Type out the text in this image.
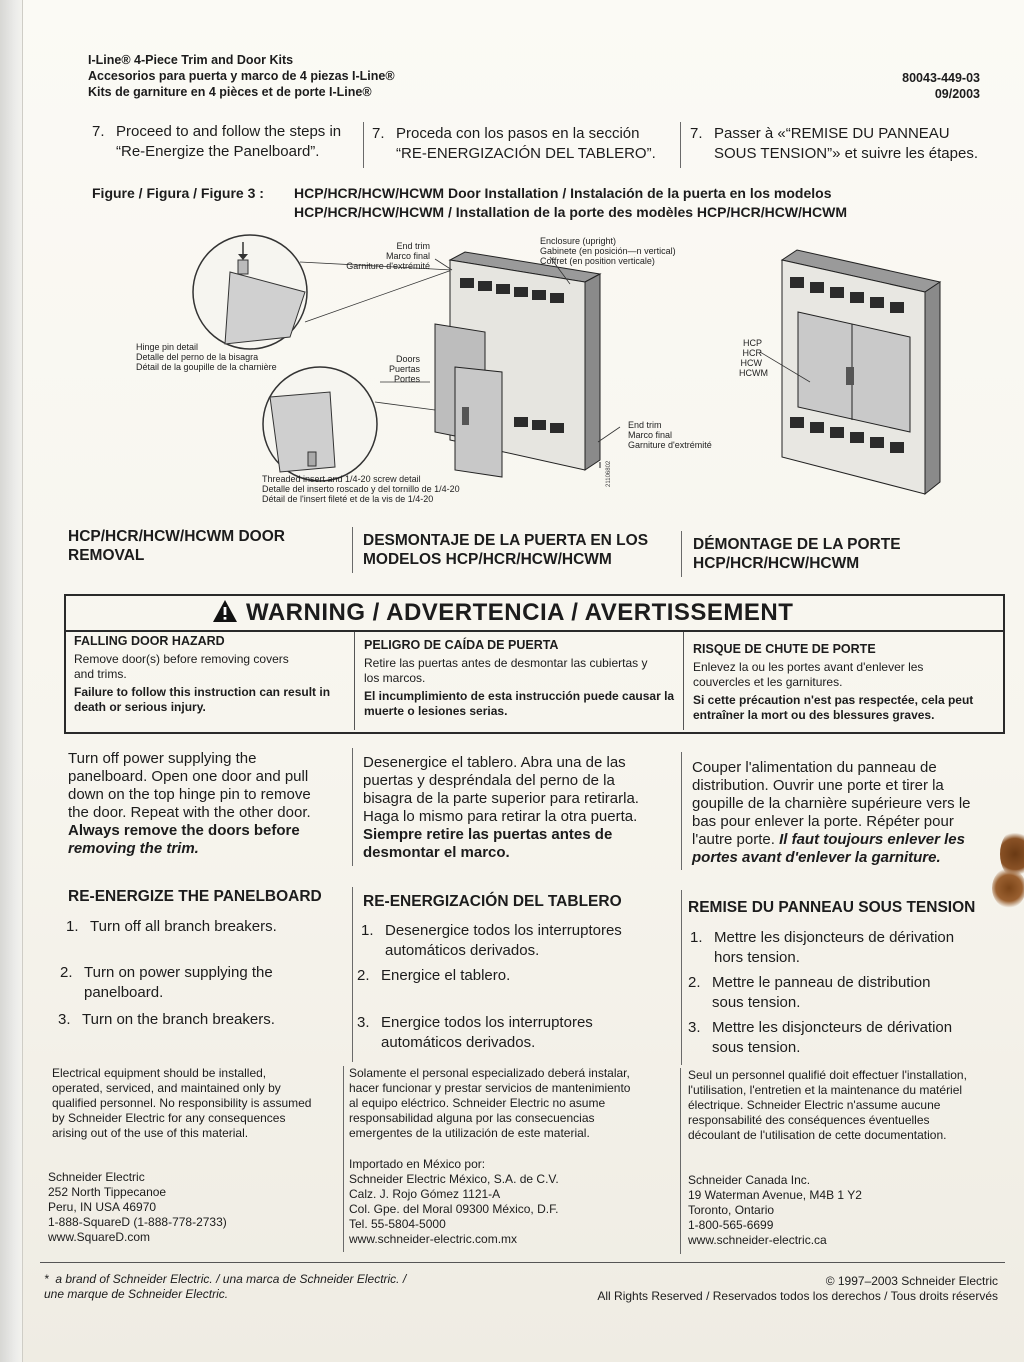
I-Line® 4-Piece Trim and Door Kits
Accesorios para puerta y marco de 4 piezas I-Line®
Kits de garniture en 4 pièces et de porte I-Line®
80043-449-03
09/2003
7. Proceed to and follow the steps in
“Re-Energize the Panelboard”.
7. Proceda con los pasos en la sección
“RE-ENERGIZACIÓN DEL TABLERO”.
7. Passer à «“REMISE DU PANNEAU
SOUS TENSION”» et suivre les étapes.
Figure / Figura / Figure 3 : HCP/HCR/HCW/HCWM Door Installation / Instalación de la puerta en los modelos
HCP/HCR/HCW/HCWM / Installation de la porte des modèles HCP/HCR/HCW/HCWM
End trim
Marco final
Garniture d'extrémité
Enclosure (upright)
Gabinete (en posición—n vertical)
Coffret (en position verticale)
Hinge pin detail
Detalle del perno de la bisagra
Détail de la goupille de la charnière
Doors
Puertas
Portes
End trim
Marco final
Garniture d'extrémité
Threaded insert and 1/4-20 screw detail
Detalle del inserto roscado y del tornillo de 1/4-20
Détail de l'insert fileté et de la vis de 1/4-20
HCP
HCR
HCW
HCWM
21106802
HCP/HCR/HCW/HCWM DOOR
REMOVAL
DESMONTAJE DE LA PUERTA EN LOS
MODELOS HCP/HCR/HCW/HCWM
DÉMONTAGE DE LA PORTE
HCP/HCR/HCW/HCWM
WARNING / ADVERTENCIA / AVERTISSEMENT
FALLING DOOR HAZARD
Remove door(s) before removing covers
and trims.
Failure to follow this instruction can result in
death or serious injury.
PELIGRO DE CAÍDA DE PUERTA
Retire las puertas antes de desmontar las cubiertas y
los marcos.
El incumplimiento de esta instrucción puede causar la
muerte o lesiones serias.
RISQUE DE CHUTE DE PORTE
Enlevez la ou les portes avant d'enlever les
couvercles et les garnitures.
Si cette précaution n'est pas respectée, cela peut
entraîner la mort ou des blessures graves.
Turn off power supplying the
panelboard. Open one door and pull
down on the top hinge pin to remove
the door. Repeat with the other door.
Always remove the doors before
removing the trim.
Desenergice el tablero. Abra una de las
puertas y despréndala del perno de la
bisagra de la parte superior para retirarla.
Haga lo mismo para retirar la otra puerta.
Siempre retire las puertas antes de
desmontar el marco.
Couper l'alimentation du panneau de
distribution. Ouvrir une porte et tirer la
goupille de la charnière supérieure vers le
bas pour enlever la porte. Répéter pour
l'autre porte. Il faut toujours enlever les
portes avant d'enlever la garniture.
RE-ENERGIZE THE PANELBOARD	RE-ENERGIZACIÓN DEL TABLERO	REMISE DU PANNEAU SOUS TENSION
1. Turn off all branch breakers.
2. Turn on power supplying the
panelboard.
3. Turn on the branch breakers.
1. Desenergice todos los interruptores
automáticos derivados.
2. Energice el tablero.
3. Energice todos los interruptores
automáticos derivados.
1. Mettre les disjoncteurs de dérivation
hors tension.
2. Mettre le panneau de distribution
sous tension.
3. Mettre les disjoncteurs de dérivation
sous tension.
Electrical equipment should be installed,
operated, serviced, and maintained only by
qualified personnel. No responsibility is assumed
by Schneider Electric for any consequences
arising out of the use of this material.
Solamente el personal especializado deberá instalar,
hacer funcionar y prestar servicios de mantenimiento
al equipo eléctrico. Schneider Electric no asume
responsabilidad alguna por las consecuencias
emergentes de la utilización de este material.
Seul un personnel qualifié doit effectuer l'installation,
l'utilisation, l'entretien et la maintenance du matériel
électrique. Schneider Electric n'assume aucune
responsabilité des conséquences éventuelles
découlant de l'utilisation de cette documentation.
Schneider Electric
252 North Tippecanoe
Peru, IN USA 46970
1-888-SquareD (1-888-778-2733)
www.SquareD.com
Importado en México por:
Schneider Electric México, S.A. de C.V.
Calz. J. Rojo Gómez 1121-A
Col. Gpe. del Moral 09300 México, D.F.
Tel. 55-5804-5000
www.schneider-electric.com.mx
Schneider Canada Inc.
19 Waterman Avenue, M4B 1 Y2
Toronto, Ontario
1-800-565-6699
www.schneider-electric.ca
* a brand of Schneider Electric. / una marca de Schneider Electric. /
une marque de Schneider Electric.
© 1997–2003 Schneider Electric
All Rights Reserved / Reservados todos los derechos / Tous droits réservés
